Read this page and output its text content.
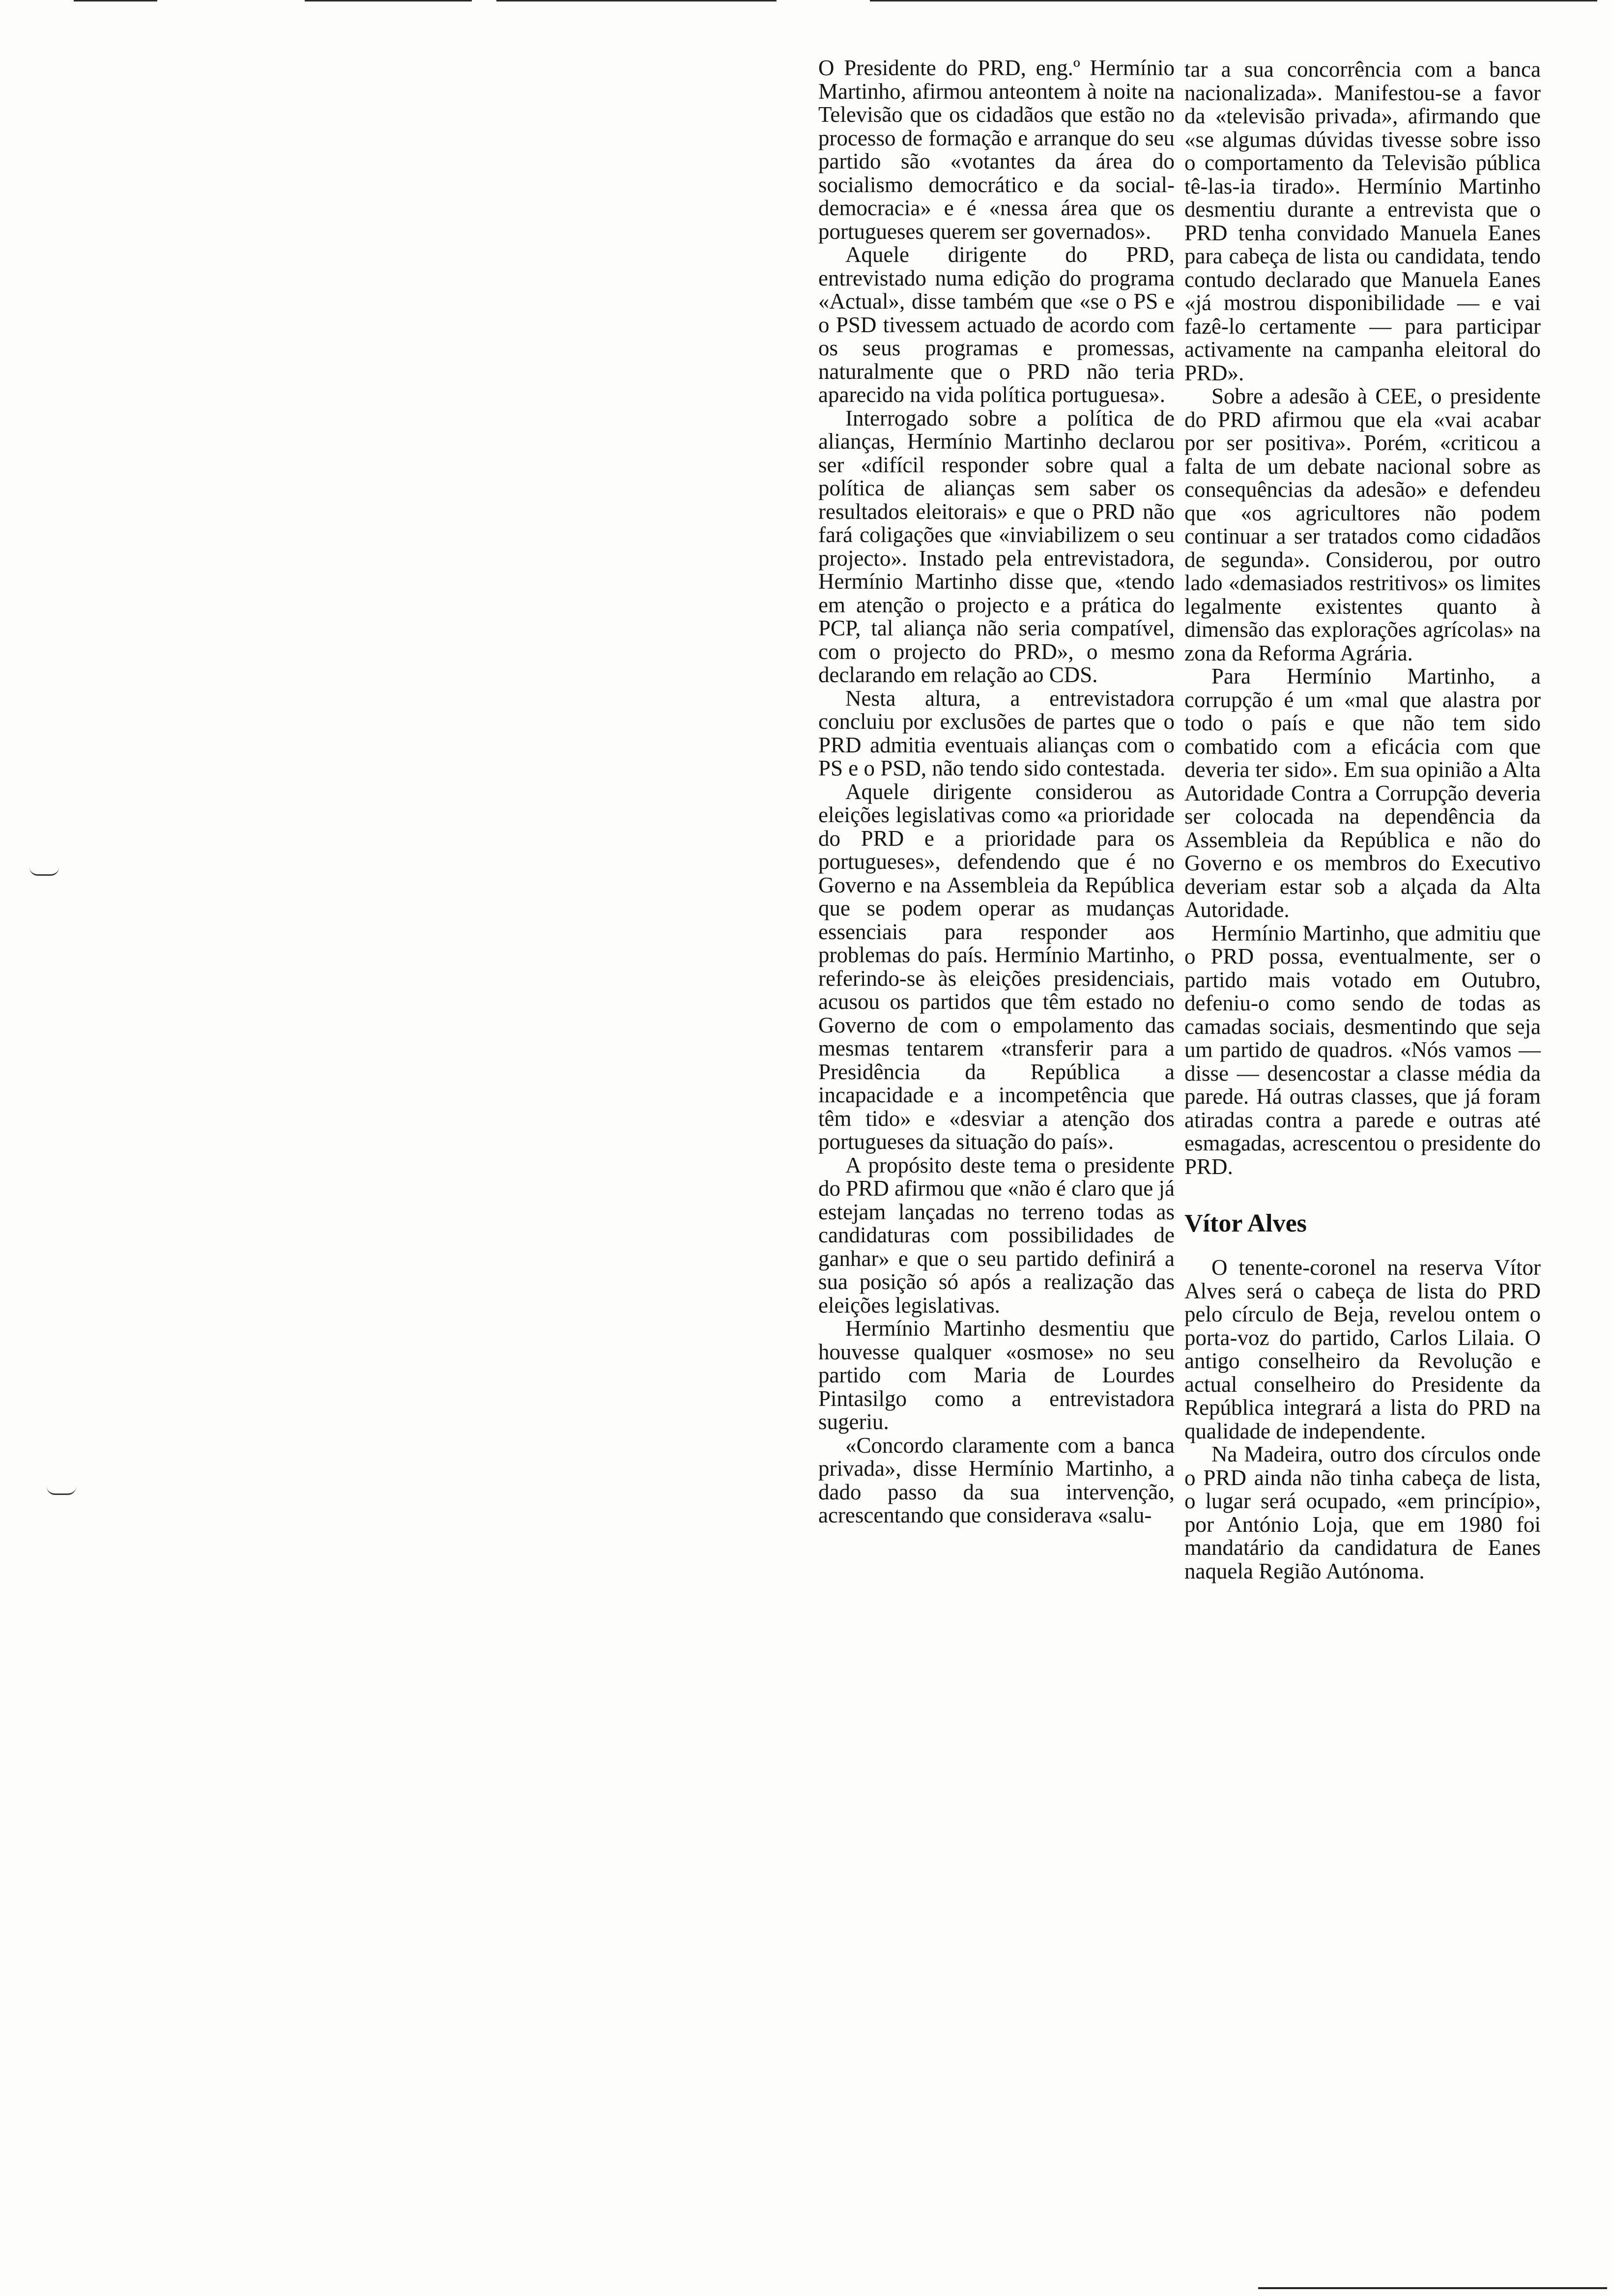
O Presidente do PRD, eng.º Hermínio Martinho, afirmou anteontem à noite na Televisão que os cidadãos que estão no processo de formação e arranque do seu partido são «votantes da área do socialismo democrático e da social-democracia» e é «nessa área que os portugueses querem ser governados».

Aquele dirigente do PRD, entrevistado numa edição do programa «Actual», disse também que «se o PS e o PSD tivessem actuado de acordo com os seus programas e promessas, naturalmente que o PRD não teria aparecido na vida política portuguesa».

Interrogado sobre a política de alianças, Hermínio Martinho declarou ser «difícil responder sobre qual a política de alianças sem saber os resultados eleitorais» e que o PRD não fará coligações que «inviabilizem o seu projecto». Instado pela entrevistadora, Hermínio Martinho disse que, «tendo em atenção o projecto e a prática do PCP, tal aliança não seria compatível, com o projecto do PRD», o mesmo declarando em relação ao CDS.

Nesta altura, a entrevistadora concluiu por exclusões de partes que o PRD admitia eventuais alianças com o PS e o PSD, não tendo sido contestada.

Aquele dirigente considerou as eleições legislativas como «a prioridade do PRD e a prioridade para os portugueses», defendendo que é no Governo e na Assembleia da República que se podem operar as mudanças essenciais para responder aos problemas do país. Hermínio Martinho, referindo-se às eleições presidenciais, acusou os partidos que têm estado no Governo de com o empolamento das mesmas tentarem «transferir para a Presidência da República a incapacidade e a incompetência que têm tido» e «desviar a atenção dos portugueses da situação do país».

A propósito deste tema o presidente do PRD afirmou que «não é claro que já estejam lançadas no terreno todas as candidaturas com possibilidades de ganhar» e que o seu partido definirá a sua posição só após a realização das eleições legislativas.

Hermínio Martinho desmentiu que houvesse qualquer «osmose» no seu partido com Maria de Lourdes Pintasilgo como a entrevistadora sugeriu.

«Concordo claramente com a banca privada», disse Hermínio Martinho, a dado passo da sua intervenção, acrescentando que considerava «salu-

tar a sua concorrência com a banca nacionalizada». Manifestou-se a favor da «televisão privada», afirmando que «se algumas dúvidas tivesse sobre isso o comportamento da Televisão pública tê-las-ia tirado». Hermínio Martinho desmentiu durante a entrevista que o PRD tenha convidado Manuela Eanes para cabeça de lista ou candidata, tendo contudo declarado que Manuela Eanes «já mostrou disponibilidade — e vai fazê-lo certamente — para participar activamente na campanha eleitoral do PRD».

Sobre a adesão à CEE, o presidente do PRD afirmou que ela «vai acabar por ser positiva». Porém, «criticou a falta de um debate nacional sobre as consequências da adesão» e defendeu que «os agricultores não podem continuar a ser tratados como cidadãos de segunda». Considerou, por outro lado «demasiados restritivos» os limites legalmente existentes quanto à dimensão das explorações agrícolas» na zona da Reforma Agrária.

Para Hermínio Martinho, a corrupção é um «mal que alastra por todo o país e que não tem sido combatido com a eficácia com que deveria ter sido». Em sua opinião a Alta Autoridade Contra a Corrupção deveria ser colocada na dependência da Assembleia da República e não do Governo e os membros do Executivo deveriam estar sob a alçada da Alta Autoridade.

Hermínio Martinho, que admitiu que o PRD possa, eventualmente, ser o partido mais votado em Outubro, defeniu-o como sendo de todas as camadas sociais, desmentindo que seja um partido de quadros. «Nós vamos — disse — desencostar a classe média da parede. Há outras classes, que já foram atiradas contra a parede e outras até esmagadas, acrescentou o presidente do PRD.

Vítor Alves

O tenente-coronel na reserva Vítor Alves será o cabeça de lista do PRD pelo círculo de Beja, revelou ontem o porta-voz do partido, Carlos Lilaia. O antigo conselheiro da Revolução e actual conselheiro do Presidente da República integrará a lista do PRD na qualidade de independente.

Na Madeira, outro dos círculos onde o PRD ainda não tinha cabeça de lista, o lugar será ocupado, «em princípio», por António Loja, que em 1980 foi mandatário da candidatura de Eanes naquela Região Autónoma.
